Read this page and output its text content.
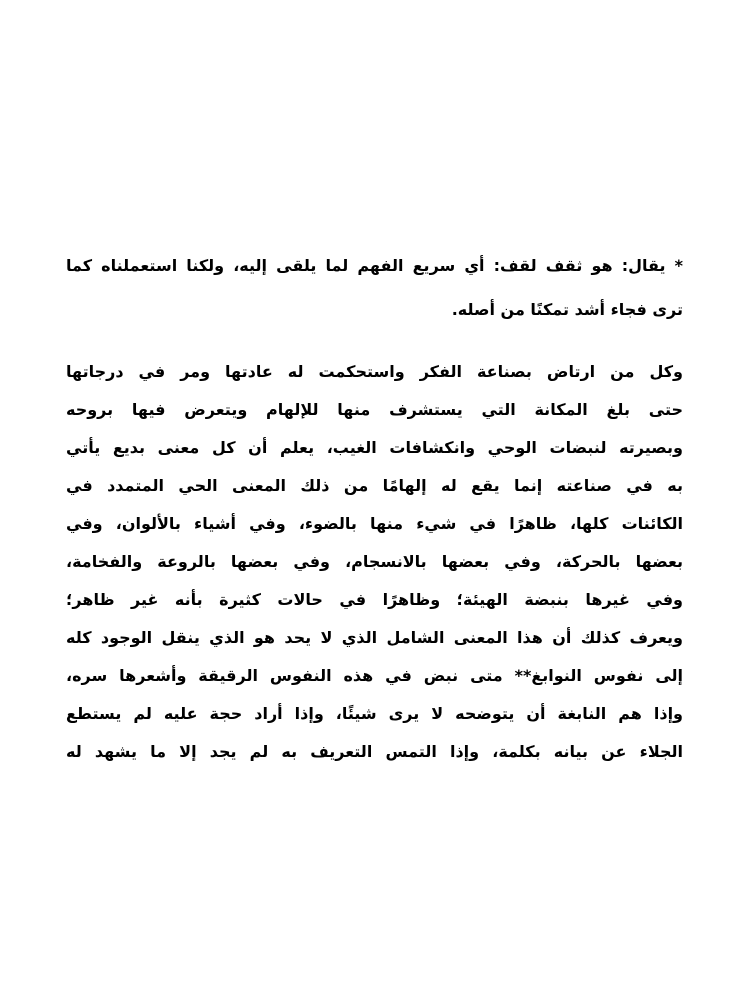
* يقال: هو ثقف لقف: أي سريع الفهم لما يلقى إليه، ولكنا استعملناه كما
ترى فجاء أشد تمكنًا من أصله.
وكل من ارتاض بصناعة الفكر واستحكمت له عادتها ومر في درجاتها
حتى بلغ المكانة التي يستشرف منها للإلهام ويتعرض فيها بروحه
وبصيرته لنبضات الوحي وانكشافات الغيب، يعلم أن كل معنى بديع يأتي
به في صناعته إنما يقع له إلهامًا من ذلك المعنى الحي المتمدد في
الكائنات كلها، ظاهرًا في شيء منها بالضوء، وفي أشياء بالألوان، وفي
بعضها بالحركة، وفي بعضها بالانسجام، وفي بعضها بالروعة والفخامة،
وفي غيرها بنبضة الهيئة؛ وظاهرًا في حالات كثيرة بأنه غير ظاهر؛
ويعرف كذلك أن هذا المعنى الشامل الذي لا يحد هو الذي ينقل الوجود كله
إلى نفوس النوابغ** متى نبض في هذه النفوس الرقيقة وأشعرها سره،
وإذا هم النابغة أن يتوضحه لا يرى شيئًا، وإذا أراد حجة عليه لم يستطع
الجلاء عن بيانه بكلمة، وإذا التمس التعريف به لم يجد إلا ما يشهد له
